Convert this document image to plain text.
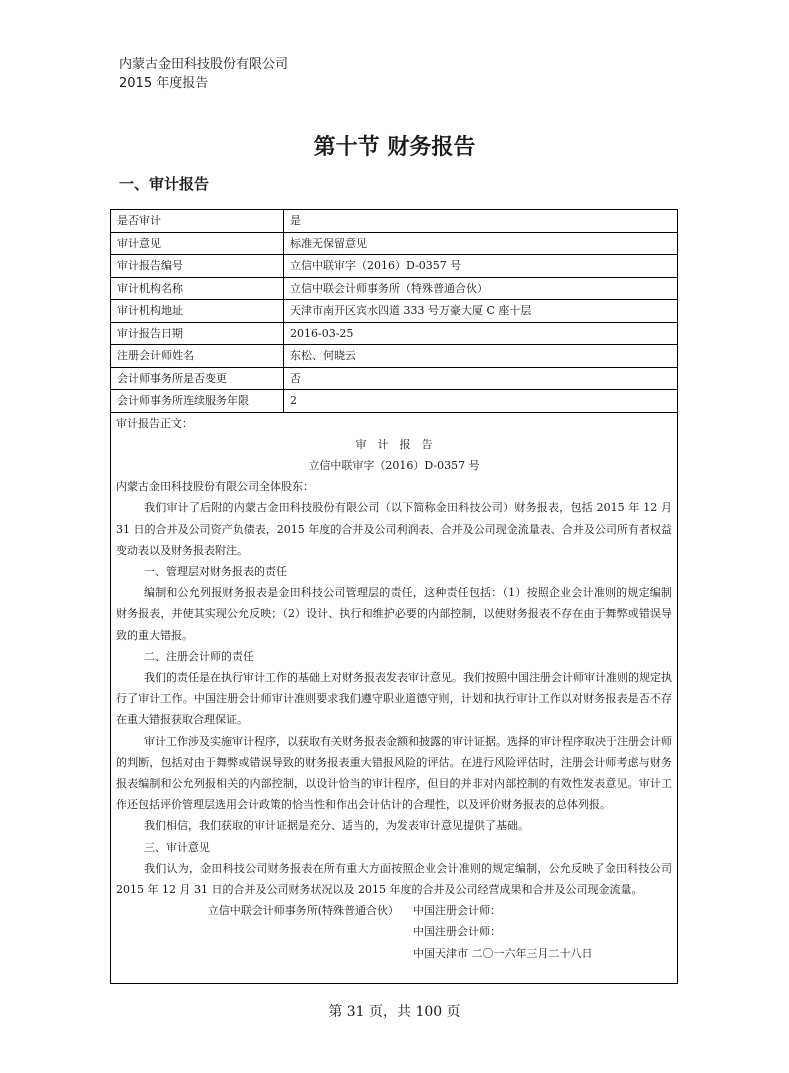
内蒙古金田科技股份有限公司
2015 年度报告
第十节 财务报告
一、审计报告
是否审计	是
审计意见	标准无保留意见
审计报告编号	立信中联审字（2016）D-0357 号
审计机构名称	立信中联会计师事务所（特殊普通合伙）
审计机构地址	天津市南开区宾水四道 333 号万豪大厦 C 座十层
审计报告日期	2016-03-25
注册会计师姓名	东松、何晓云
会计师事务所是否变更	否
会计师事务所连续服务年限	2

审计报告正文：

审　计　报　告

立信中联审字（2016）D-0357 号

内蒙古金田科技股份有限公司全体股东：

我们审计了后附的内蒙古金田科技股份有限公司（以下简称金田科技公司）财务报表，包括 2015 年 12 月 31 日的合并及公司资产负债表，2015 年度的合并及公司利润表、合并及公司现金流量表、合并及公司所有者权益变动表以及财务报表附注。

一、管理层对财务报表的责任

编制和公允列报财务报表是金田科技公司管理层的责任，这种责任包括：（1）按照企业会计准则的规定编制财务报表，并使其实现公允反映；（2）设计、执行和维护必要的内部控制，以使财务报表不存在由于舞弊或错误导致的重大错报。

二、注册会计师的责任

我们的责任是在执行审计工作的基础上对财务报表发表审计意见。我们按照中国注册会计师审计准则的规定执行了审计工作。中国注册会计师审计准则要求我们遵守职业道德守则，计划和执行审计工作以对财务报表是否不存在重大错报获取合理保证。

审计工作涉及实施审计程序，以获取有关财务报表金额和披露的审计证据。选择的审计程序取决于注册会计师的判断，包括对由于舞弊或错误导致的财务报表重大错报风险的评估。在进行风险评估时，注册会计师考虑与财务报表编制和公允列报相关的内部控制，以设计恰当的审计程序，但目的并非对内部控制的有效性发表意见。审计工作还包括评价管理层选用会计政策的恰当性和作出会计估计的合理性，以及评价财务报表的总体列报。

我们相信，我们获取的审计证据是充分、适当的，为发表审计意见提供了基础。

三、审计意见

我们认为，金田科技公司财务报表在所有重大方面按照企业会计准则的规定编制，公允反映了金田科技公司 2015 年 12 月 31 日的合并及公司财务状况以及 2015 年度的合并及公司经营成果和合并及公司现金流量。

立信中联会计师事务所(特殊普通合伙）	中国注册会计师：
中国注册会计师：
中国天津市 二〇一六年三月二十八日
第 31 页，共 100 页
